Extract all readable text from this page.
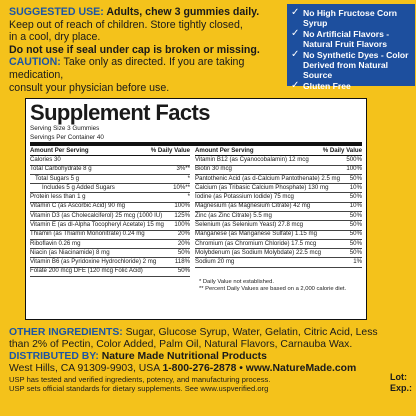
SUGGESTED USE: Adults, chew 3 gummies daily.
Keep out of reach of children. Store tightly closed,
in a cool, dry place.
Do not use if seal under cap is broken or missing.
CAUTION: Take only as directed. If you are taking medication,
consult your physician before use.
✓ No High Fructose Corn Syrup
✓ No Artificial Flavors - Natural Fruit Flavors
✓ No Synthetic Dyes - Color Derived from Natural Source
✓ Gluten Free
Supplement Facts
Serving Size 3 Gummies
Servings Per Container 40
Amount Per Serving	% Daily Value
Calories 30
Total Carbohydrate 8 g	3%**
Total Sugars 5 g	*
Includes 5 g Added Sugars	10%**
Protein less than 1 g	*
Vitamin C (as Ascorbic Acid) 90 mg	100%
Vitamin D3 (as Cholecalciferol) 25 mcg (1000 IU)	125%
Vitamin E (as dl-Alpha Tocopheryl Acetate) 15 mg	100%
Thiamin (as Thiamin Mononitrate) 0.24 mg	20%
Riboflavin 0.26 mg	20%
Niacin (as Niacinamide) 8 mg	50%
Vitamin B6 (as Pyridoxine Hydrochloride) 2 mg	118%
Folate 200 mcg DFE (120 mcg Folic Acid)	50%
Amount Per Serving	% Daily Value
Vitamin B12 (as Cyanocobalamin) 12 mcg	500%
Biotin 30 mcg	100%
Pantothenic Acid (as d-Calcium Pantothenate) 2.5 mg	50%
Calcium (as Tribasic Calcium Phosphate) 130 mg	10%
Iodine (as Potassium Iodide) 75 mcg	50%
Magnesium (as Magnesium Citrate) 42 mg	10%
Zinc (as Zinc Citrate) 5.5 mg	50%
Selenium (as Selenium Yeast) 27.8 mcg	50%
Manganese (as Manganese Sulfate) 1.15 mg	50%
Chromium (as Chromium Chloride) 17.5 mcg	50%
Molybdenum (as Sodium Molybdate) 22.5 mcg	50%
Sodium 20 mg	1%
* Daily Value not established.
** Percent Daily Values are based on a 2,000 calorie diet.
OTHER INGREDIENTS: Sugar, Glucose Syrup, Water, Gelatin, Citric Acid, Less than 2% of Pectin, Color Added, Palm Oil, Natural Flavors, Carnauba Wax.
DISTRIBUTED BY: Nature Made Nutritional Products
West Hills, CA 91309-9903, USA 1-800-276-2878 • www.NatureMade.com
USP has tested and verified ingredients, potency, and manufacturing process.
USP sets official standards for dietary supplements. See www.uspverified.org
Lot:
Exp.:
